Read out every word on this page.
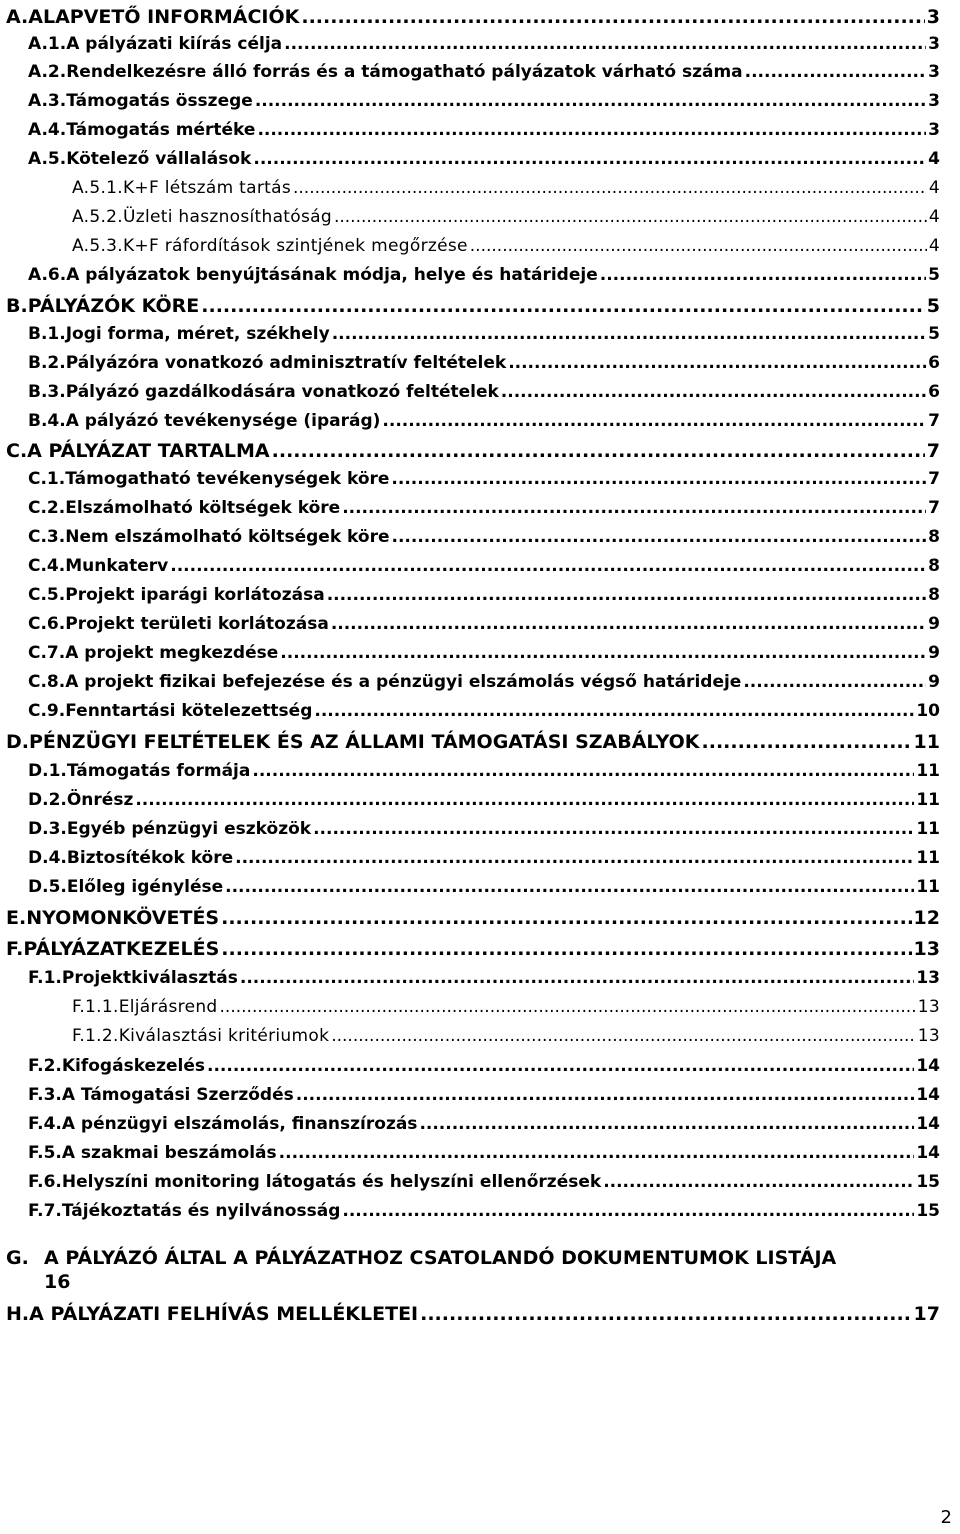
A. ALAPVETŐ INFORMÁCIÓK .....	3
A.1. A pályázati kiírás célja .....	3
A.2. Rendelkezésre álló forrás és a támogatható pályázatok várható száma .....	3
A.3. Támogatás összege .....	3
A.4. Támogatás mértéke .....	3
A.5. Kötelező vállalások .....	4
A.5.1. K+F létszám tartás .....	4
A.5.2. Üzleti hasznosíthatóság .....	4
A.5.3. K+F ráfordítások szintjének megőrzése .....	4
A.6. A pályázatok benyújtásának módja, helye és határideje .....	5
B. PÁLYÁZÓK KÖRE .....	5
B.1. Jogi forma, méret, székhely .....	5
B.2. Pályázóra vonatkozó adminisztratív feltételek .....	6
B.3. Pályázó gazdálkodására vonatkozó feltételek .....	6
B.4. A pályázó tevékenysége (iparág) .....	7
C. A PÁLYÁZAT TARTALMA .....	7
C.1. Támogatható tevékenységek köre .....	7
C.2. Elszámolható költségek köre .....	7
C.3. Nem elszámolható költségek köre .....	8
C.4. Munkaterv .....	8
C.5. Projekt iparági korlátozása .....	8
C.6. Projekt területi korlátozása .....	9
C.7. A projekt megkezdése .....	9
C.8. A projekt fizikai befejezése és a pénzügyi elszámolás végső határideje .....	9
C.9. Fenntartási kötelezettség .....	10
D. PÉNZÜGYI FELTÉTELEK ÉS AZ ÁLLAMI TÁMOGATÁSI SZABÁLYOK .....	11
D.1. Támogatás formája .....	11
D.2. Önrész .....	11
D.3. Egyéb pénzügyi eszközök .....	11
D.4. Biztosítékok köre .....	11
D.5. Előleg igénylése .....	11
E. NYOMONKÖVETÉS .....	12
F. PÁLYÁZATKEZELÉS .....	13
F.1. Projektkiválasztás .....	13
F.1.1. Eljárásrend .....	13
F.1.2. Kiválasztási kritériumok .....	13
F.2. Kifogáskezelés .....	14
F.3. A Támogatási Szerződés .....	14
F.4. A pénzügyi elszámolás, finanszírozás .....	14
F.5. A szakmai beszámolás .....	14
F.6. Helyszíni monitoring látogatás és helyszíni ellenőrzések .....	15
F.7. Tájékoztatás és nyilvánosság .....	15
G. A PÁLYÁZÓ ÁLTAL A PÁLYÁZATHOZ CSATOLANDÓ DOKUMENTUMOK LISTÁJA
16
H. A PÁLYÁZATI FELHÍVÁS MELLÉKLETEI .....	17
2
